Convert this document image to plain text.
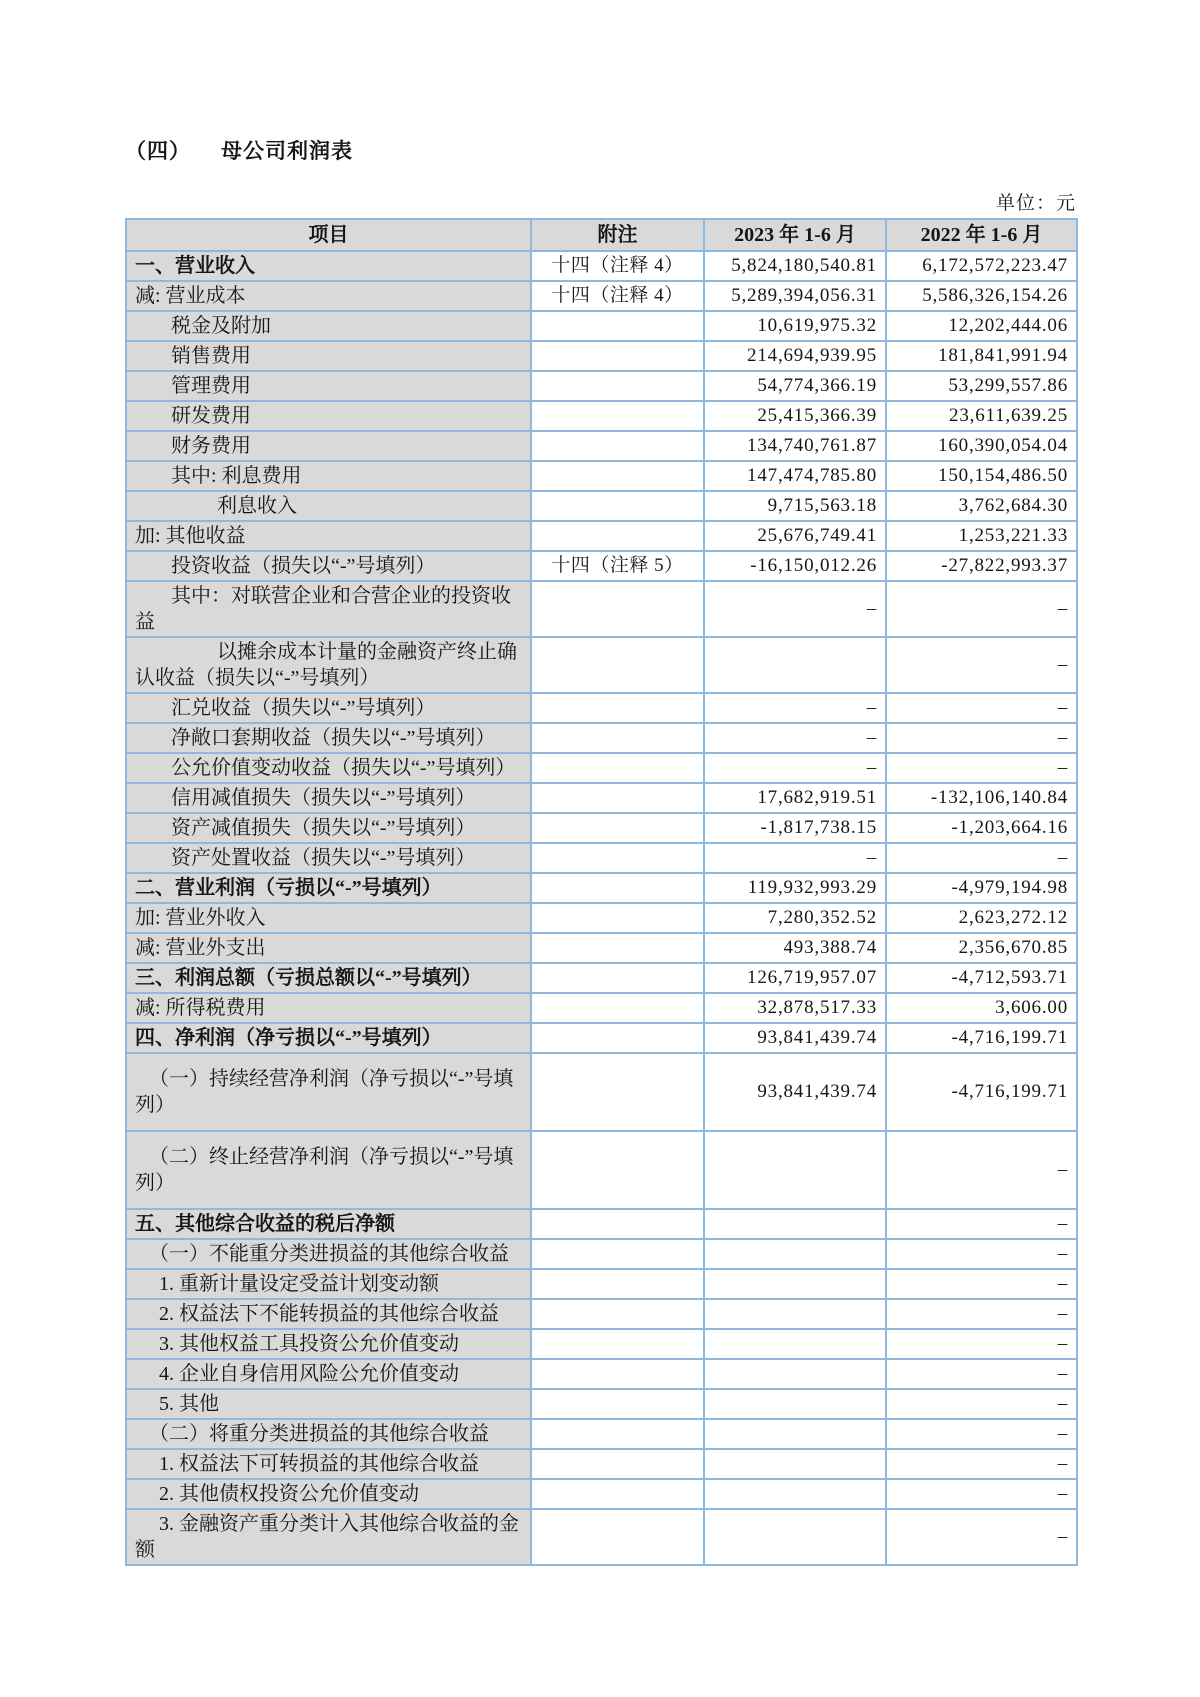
（四） 母公司利润表
单位：元
项目	附注	2023 年 1-6 月	2022 年 1-6 月
一、营业收入	十四（注释 4）	5,824,180,540.81	6,172,572,223.47
减: 营业成本	十四（注释 4）	5,289,394,056.31	5,586,326,154.26
税金及附加		10,619,975.32	12,202,444.06
销售费用		214,694,939.95	181,841,991.94
管理费用		54,774,366.19	53,299,557.86
研发费用		25,415,366.39	23,611,639.25
财务费用		134,740,761.87	160,390,054.04
其中: 利息费用		147,474,785.80	150,154,486.50
利息收入		9,715,563.18	3,762,684.30
加: 其他收益		25,676,749.41	1,253,221.33
投资收益（损失以“-”号填列）	十四（注释 5）	-16,150,012.26	-27,822,993.37
其中：对联营企业和合营企业的投资收益		–	–
以摊余成本计量的金融资产终止确认收益（损失以“-”号填列）			–
汇兑收益（损失以“-”号填列）		–	–
净敞口套期收益（损失以“-”号填列）		–	–
公允价值变动收益（损失以“-”号填列）		–	–
信用减值损失（损失以“-”号填列）		17,682,919.51	-132,106,140.84
资产减值损失（损失以“-”号填列）		-1,817,738.15	-1,203,664.16
资产处置收益（损失以“-”号填列）		–	–
二、营业利润（亏损以“-”号填列）		119,932,993.29	-4,979,194.98
加: 营业外收入		7,280,352.52	2,623,272.12
减: 营业外支出		493,388.74	2,356,670.85
三、利润总额（亏损总额以“-”号填列）		126,719,957.07	-4,712,593.71
减: 所得税费用		32,878,517.33	3,606.00
四、净利润（净亏损以“-”号填列）		93,841,439.74	-4,716,199.71
（一）持续经营净利润（净亏损以“-”号填列）		93,841,439.74	-4,716,199.71
（二）终止经营净利润（净亏损以“-”号填列）			–
五、其他综合收益的税后净额			–
（一）不能重分类进损益的其他综合收益			–
1. 重新计量设定受益计划变动额			–
2. 权益法下不能转损益的其他综合收益			–
3. 其他权益工具投资公允价值变动			–
4. 企业自身信用风险公允价值变动			–
5. 其他			–
（二）将重分类进损益的其他综合收益			–
1. 权益法下可转损益的其他综合收益			–
2. 其他债权投资公允价值变动			–
3. 金融资产重分类计入其他综合收益的金额			–
